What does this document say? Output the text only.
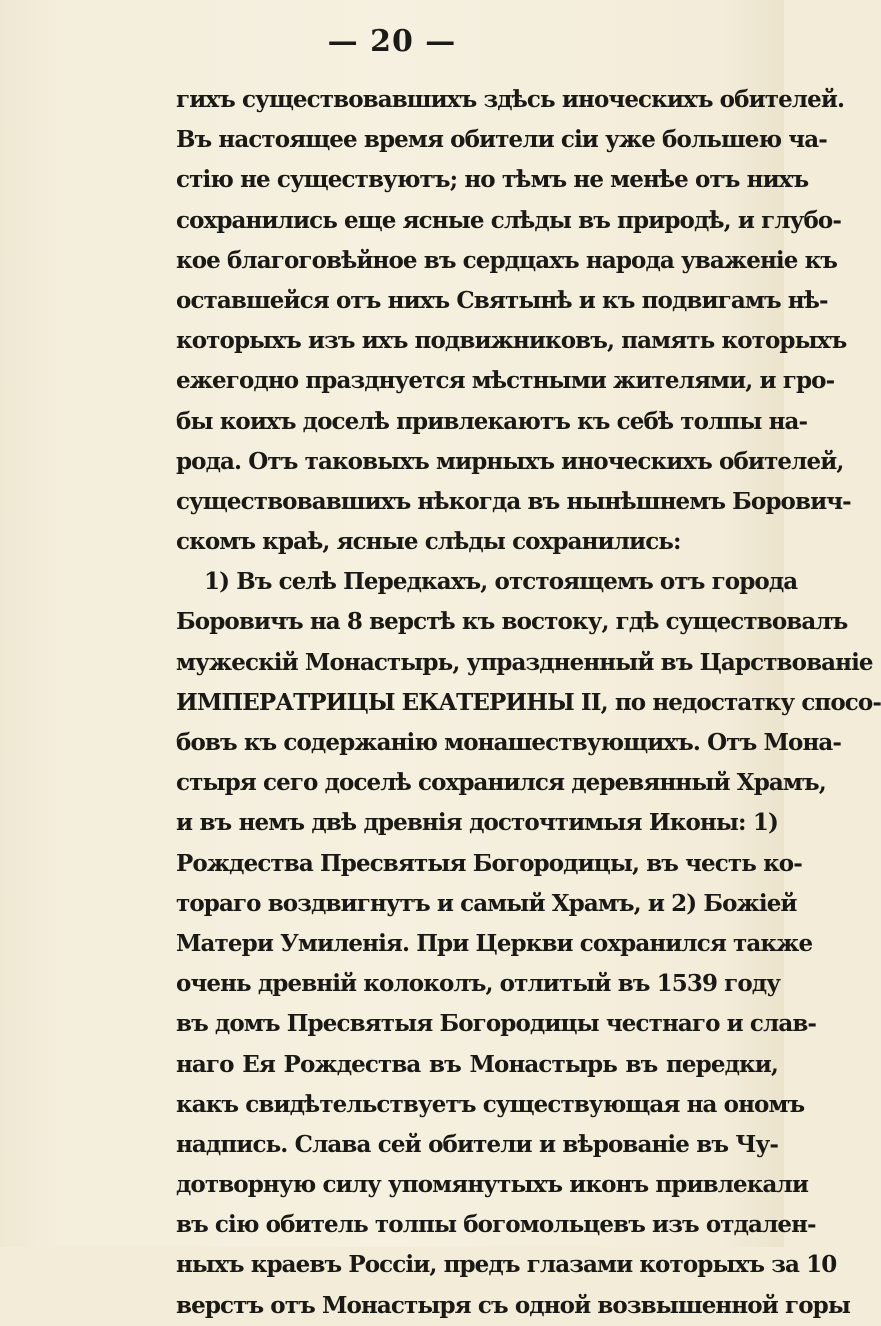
— 20 —
гихъ существовавшихъ здѣсь иноческихъ обителей.
Въ настоящее время обители сіи уже большею ча-
стію не существуютъ; но тѣмъ не менѣе отъ нихъ
сохранились еще ясные слѣды въ природѣ, и глубо-
кое благоговѣйное въ сердцахъ народа уваженіе къ
оставшейся отъ нихъ Святынѣ и къ подвигамъ нѣ-
которыхъ изъ ихъ подвижниковъ, память которыхъ
ежегодно празднуется мѣстными жителями, и гро-
бы коихъ доселѣ привлекаютъ къ себѣ толпы на-
рода. Отъ таковыхъ мирныхъ иноческихъ обителей,
существовавшихъ нѣкогда въ нынѣшнемъ Борович-
скомъ краѣ, ясные слѣды сохранились:
1) Въ селѣ Передкахъ, отстоящемъ отъ города
Боровичъ на 8 верстѣ къ востоку, гдѣ существовалъ
мужескій Монастырь, упраздненный въ Царствованіе
ИМПЕРАТРИЦЫ ЕКАТЕРИНЫ II, по недостатку спосо-
бовъ къ содержанію монашествующихъ. Отъ Мона-
стыря сего доселѣ сохранился деревянный Храмъ,
и въ немъ двѣ древнія досточтимыя Иконы: 1)
Рождества Пресвятыя Богородицы, въ честь ко-
тораго воздвигнутъ и самый Храмъ, и 2) Божіей
Матери Умиленія. При Церкви сохранился также
очень древній колоколъ, отлитый въ 1539 году
въ домъ Пресвятыя Богородицы честнаго и слав-
наго Ея Рождества въ Монастырь въ передки,
какъ свидѣтельствуетъ существующая на ономъ
надпись. Слава сей обители и вѣрованіе въ Чу-
дотворную силу упомянутыхъ иконъ привлекали
въ сію обитель толпы богомольцевъ изъ отдален-
ныхъ краевъ Россіи, предъ глазами которыхъ за 10
верстъ отъ Монастыря съ одной возвышенной горы
